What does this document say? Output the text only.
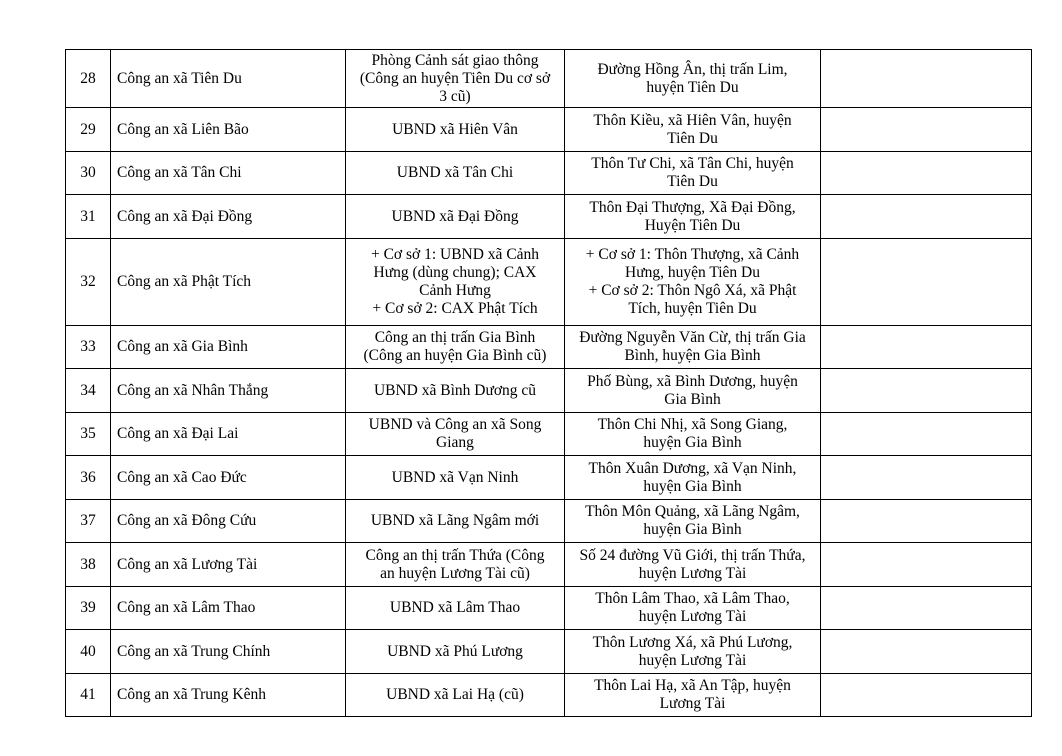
28	Công an xã Tiên Du	Phòng Cảnh sát giao thông
(Công an huyện Tiên Du cơ sở
3 cũ)	Đường Hồng Ân, thị trấn Lim,
huyện Tiên Du	

29	Công an xã Liên Bão	UBND xã Hiên Vân	Thôn Kiều, xã Hiên Vân, huyện
Tiên Du	

30	Công an xã Tân Chi	UBND xã Tân Chi	Thôn Tư Chi, xã Tân Chi, huyện
Tiên Du	

31	Công an xã Đại Đồng	UBND xã Đại Đồng	Thôn Đại Thượng, Xã Đại Đồng,
Huyện Tiên Du	

32	Công an xã Phật Tích	+ Cơ sở 1: UBND xã Cảnh
Hưng (dùng chung); CAX
Cảnh Hưng
+ Cơ sở 2: CAX Phật Tích	+ Cơ sở 1: Thôn Thượng, xã Cảnh
Hưng, huyện Tiên Du
+ Cơ sở 2: Thôn Ngô Xá, xã Phật
Tích, huyện Tiên Du	

33	Công an xã Gia Bình	Công an thị trấn Gia Bình
(Công an huyện Gia Bình cũ)	Đường Nguyễn Văn Cừ, thị trấn Gia
Bình, huyện Gia Bình	

34	Công an xã Nhân Thắng	UBND xã Bình Dương cũ	Phố Bùng, xã Bình Dương, huyện
Gia Bình	

35	Công an xã Đại Lai	UBND và Công an xã Song
Giang	Thôn Chi Nhị, xã Song Giang,
huyện Gia Bình	

36	Công an xã Cao Đức	UBND xã Vạn Ninh	Thôn Xuân Dương, xã Vạn Ninh,
huyện Gia Bình	

37	Công an xã Đông Cứu	UBND xã Lãng Ngâm mới	Thôn Môn Quảng, xã Lãng Ngâm,
huyện Gia Bình	

38	Công an xã Lương Tài	Công an thị trấn Thứa (Công
an huyện Lương Tài cũ)	Số 24 đường Vũ Giới, thị trấn Thứa,
huyện Lương Tài	

39	Công an xã Lâm Thao	UBND xã Lâm Thao	Thôn Lâm Thao, xã Lâm Thao,
huyện Lương Tài	

40	Công an xã Trung Chính	UBND xã Phú Lương	Thôn Lương Xá, xã Phú Lương,
huyện Lương Tài	

41	Công an xã Trung Kênh	UBND xã Lai Hạ (cũ)	Thôn Lai Hạ, xã An Tập, huyện
Lương Tài	
